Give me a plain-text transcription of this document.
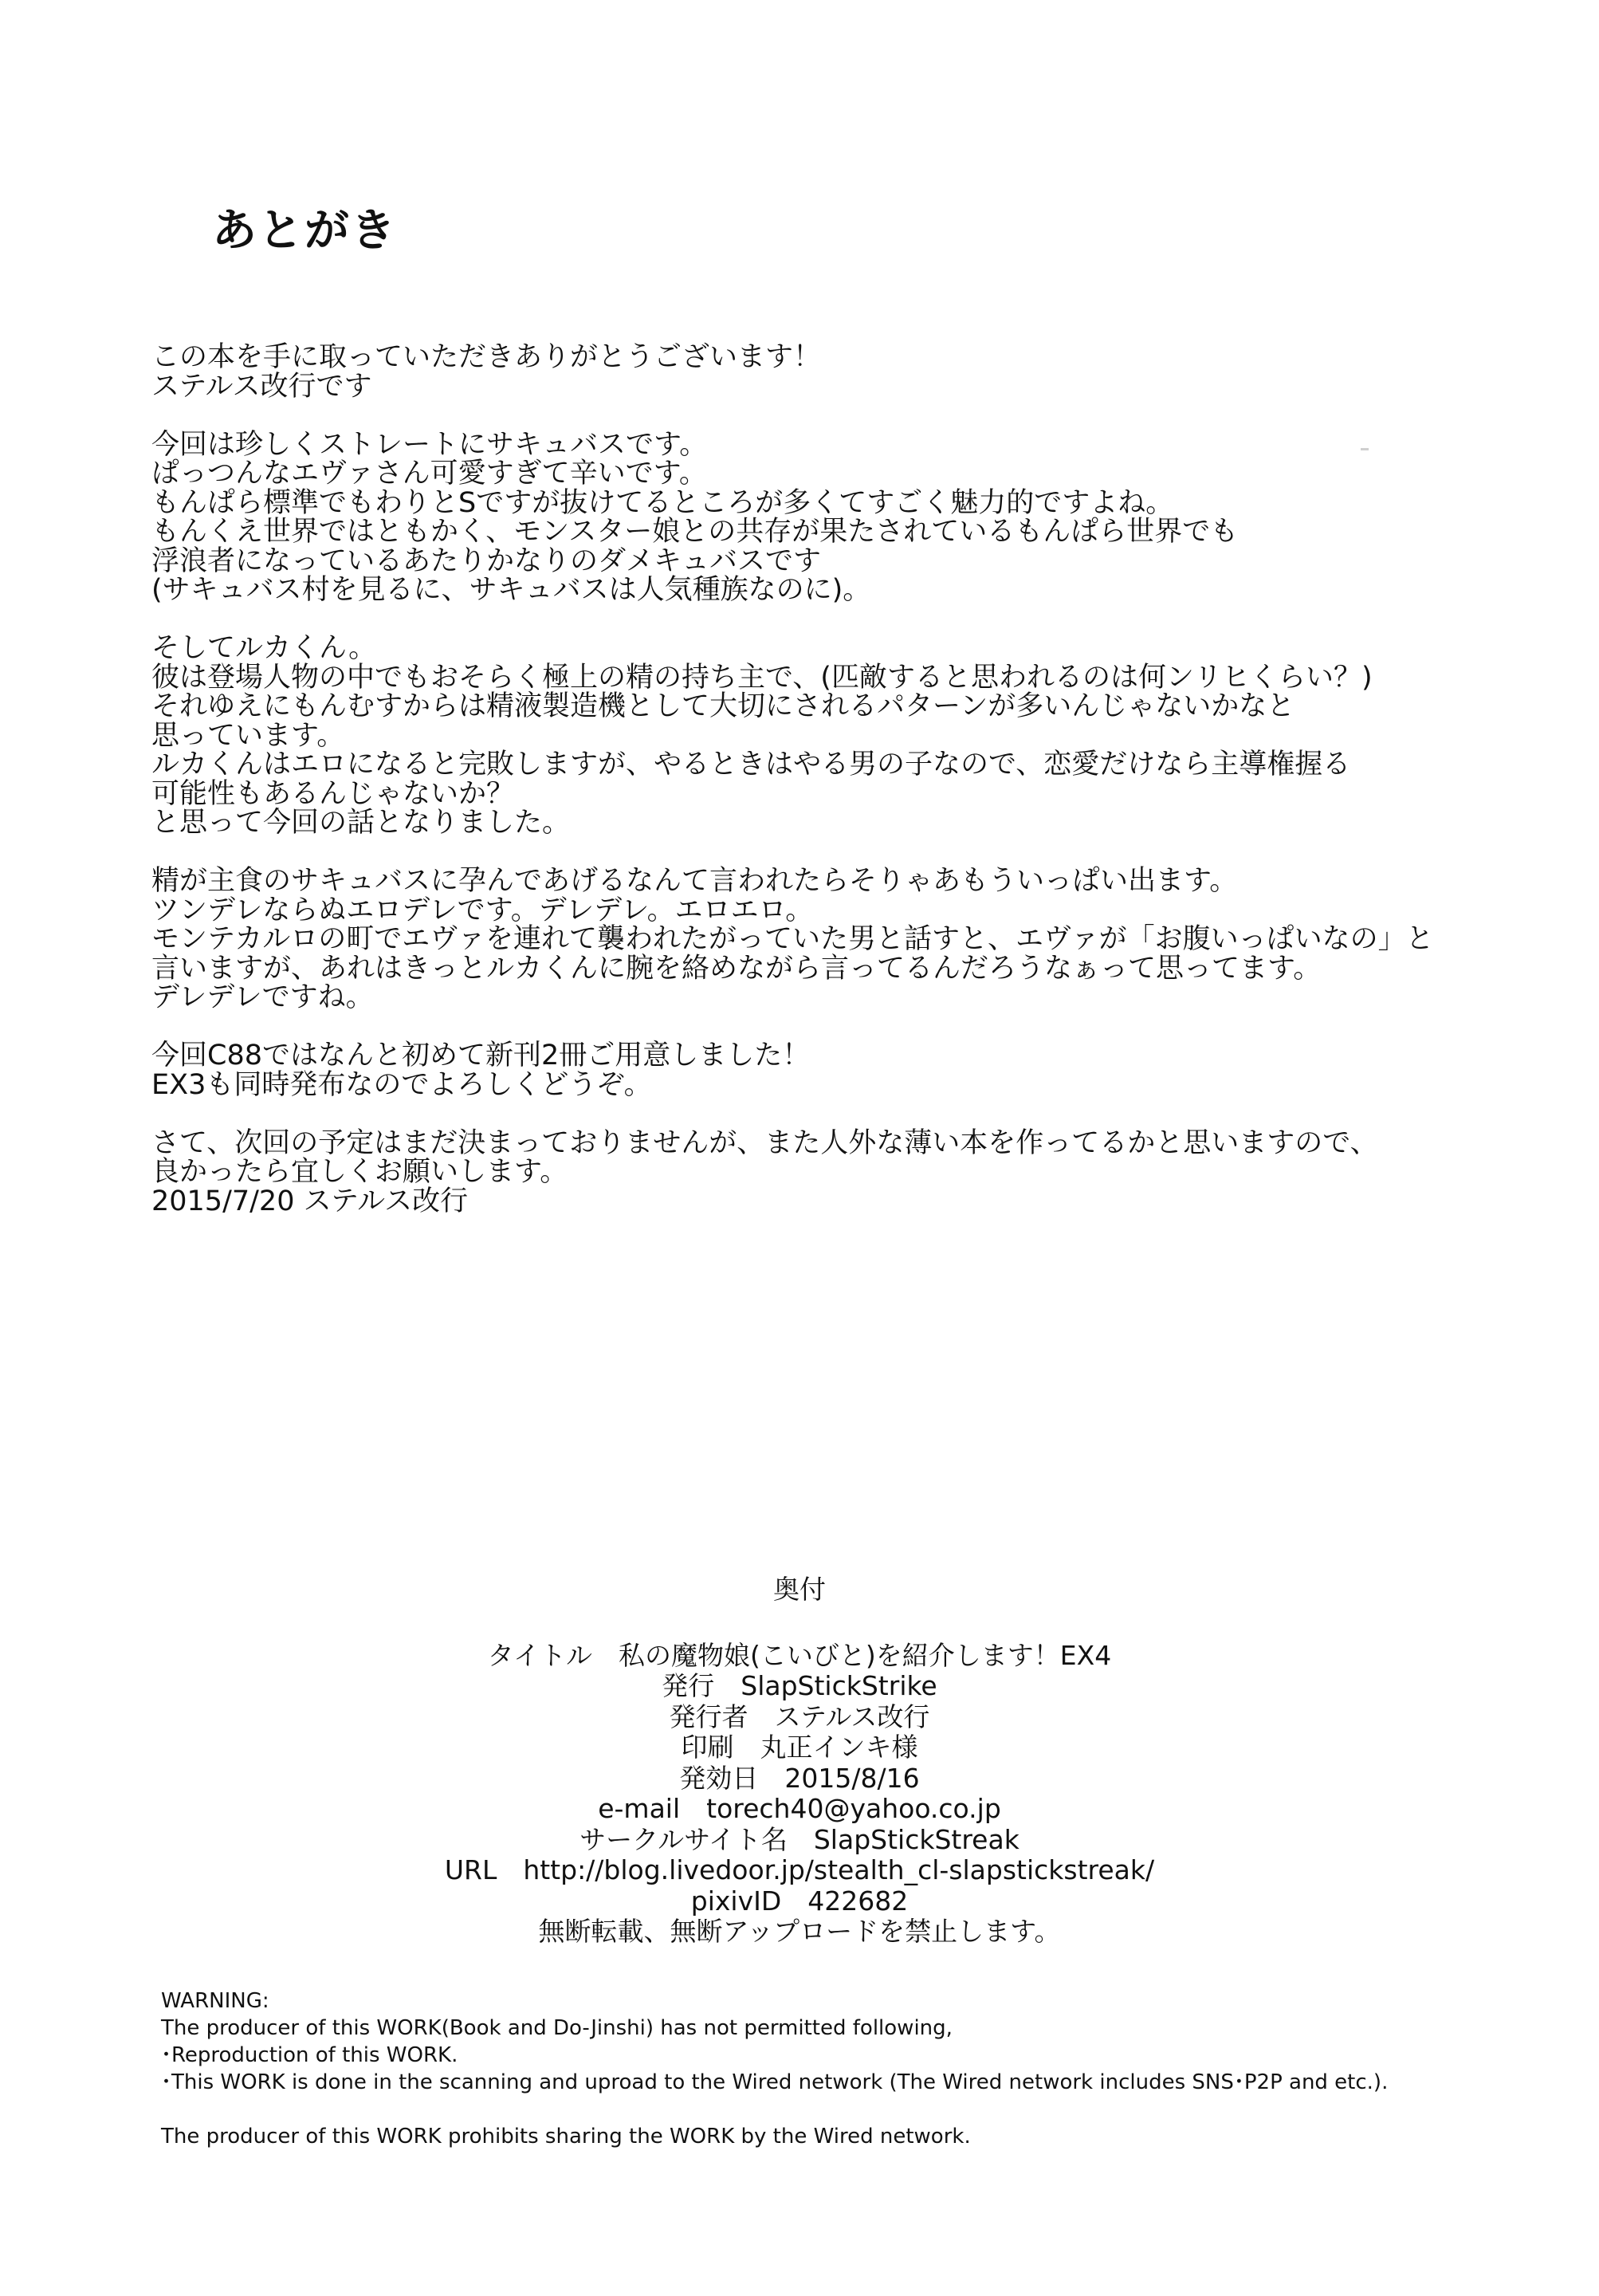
あとがき
この本を手に取っていただきありがとうございます！
ステルス改行です
今回は珍しくストレートにサキュバスです。
ぱっつんなエヴァさん可愛すぎて辛いです。
もんぱら標準でもわりとSですが抜けてるところが多くてすごく魅力的ですよね。
もんくえ世界ではともかく、モンスター娘との共存が果たされているもんぱら世界でも
浮浪者になっているあたりかなりのダメキュバスです
(サキュバス村を見るに、サキュバスは人気種族なのに)。
そしてルカくん。
彼は登場人物の中でもおそらく極上の精の持ち主で、(匹敵すると思われるのは何ンリヒくらい？)
それゆえにもんむすからは精液製造機として大切にされるパターンが多いんじゃないかなと
思っています。
ルカくんはエロになると完敗しますが、やるときはやる男の子なので、恋愛だけなら主導権握る
可能性もあるんじゃないか？
と思って今回の話となりました。
精が主食のサキュバスに孕んであげるなんて言われたらそりゃあもういっぱい出ます。
ツンデレならぬエロデレです。デレデレ。エロエロ。
モンテカルロの町でエヴァを連れて襲われたがっていた男と話すと、エヴァが「お腹いっぱいなの」と
言いますが、あれはきっとルカくんに腕を絡めながら言ってるんだろうなぁって思ってます。
デレデレですね。
今回C88ではなんと初めて新刊2冊ご用意しました！
EX3も同時発布なのでよろしくどうぞ。
さて、次回の予定はまだ決まっておりませんが、また人外な薄い本を作ってるかと思いますので、
良かったら宜しくお願いします。
2015/7/20 ステルス改行
奥付
タイトル　私の魔物娘(こいびと)を紹介します！EX4
発行　SlapStickStrike
発行者　ステルス改行
印刷　丸正インキ様
発効日　2015/8/16
e-mail　torech40@yahoo.co.jp
サークルサイト名　SlapStickStreak
URL　http://blog.livedoor.jp/stealth_cl-slapstickstreak/
pixivID　422682
無断転載、無断アップロードを禁止します。
WARNING:
The producer of this WORK(Book and Do-Jinshi) has not permitted following,
･Reproduction of this WORK.
･This WORK is done in the scanning and uproad to the Wired network (The Wired network includes SNS･P2P and etc.).
The producer of this WORK prohibits sharing the WORK by the Wired network.
